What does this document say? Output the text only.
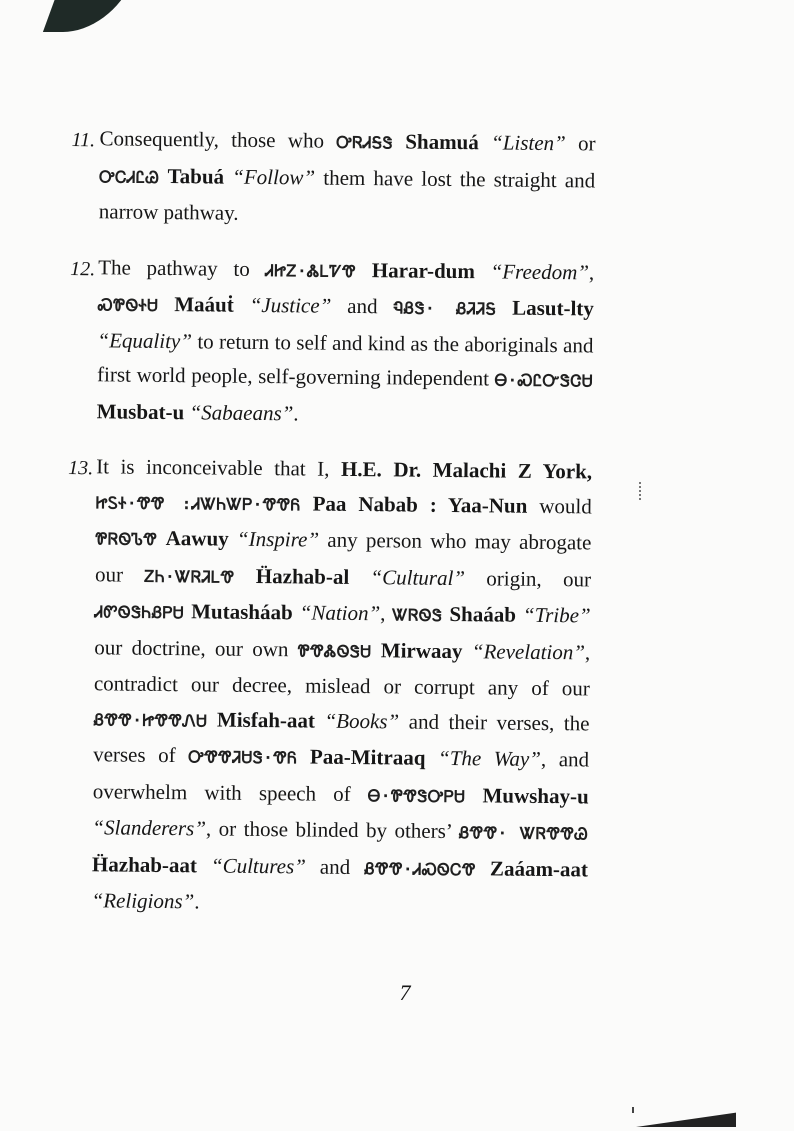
11. Consequently, those who ᎤᏒᏗᎦᏕ Shamuá “Listen” or ᎤᏟᏗᏝᏊ Tabuá “Follow” them have lost the straight and narrow pathway.

12. The pathway to ᏗᏥᏃ·ᏜᏞᏤᏡ Harar-dum “Freedom”, ᏍᏈᏫᏐᏌ Maáuṫ “Justice” and ᏄᏰᏕ· ᏰᏘᏘᎦ Lasut-lty “Equality” to return to self and kind as the aboriginals and first world people, self-governing independent Ꮎ·ᏍᏝᏅᏕᏣᏌ Musbat-u “Sabaeans”.

13. It is inconceivable that I, H.E. Dr. Malachi Z York, ᏥᏚᏐ·ᏡᏡ :ᏗᏔᏂᏔᏢ·ᏡᏡᏲ Paa Nabab : Yaa-Nun would ᏈᏒᏫᏖᏡ Aawuy “Inspire” any person who may abrogate our ᏃᏂ·ᏔᏒᏘᏞᏡ Ḧazhab-al “Cultural” origin, our ᏗᏛᏫᏕᏂᏰᏢᏌ Mutasháab “Nation”, ᏔᏒᏫᏕ Shaáab “Tribe” our doctrine, our own ᏈᏡᏜᏫᏕᏌ Mirwaay “Revelation”, contradict our decree, mislead or corrupt any of our ᏰᏡᏡ·ᏥᏡᏡᏁᏌ Misfah-aat “Books” and their verses, the verses of ᎤᏡᏡᏘᏌᏕ·ᏡᏲ Paa-Mitraaq “The Way”, and overwhelm with speech of Ꮎ·ᏈᏡᏕᎤᏢᏌ Muwshay-u “Slanderers”, or those blinded by others’ ᏰᏡᏡ· ᏔᏒᏡᏡᏊ Ḧazhab-aat “Cultures” and ᏰᏡᏡ·ᏗᏍᏫᏟᏡ Zaáam-aat “Religions”.

7
